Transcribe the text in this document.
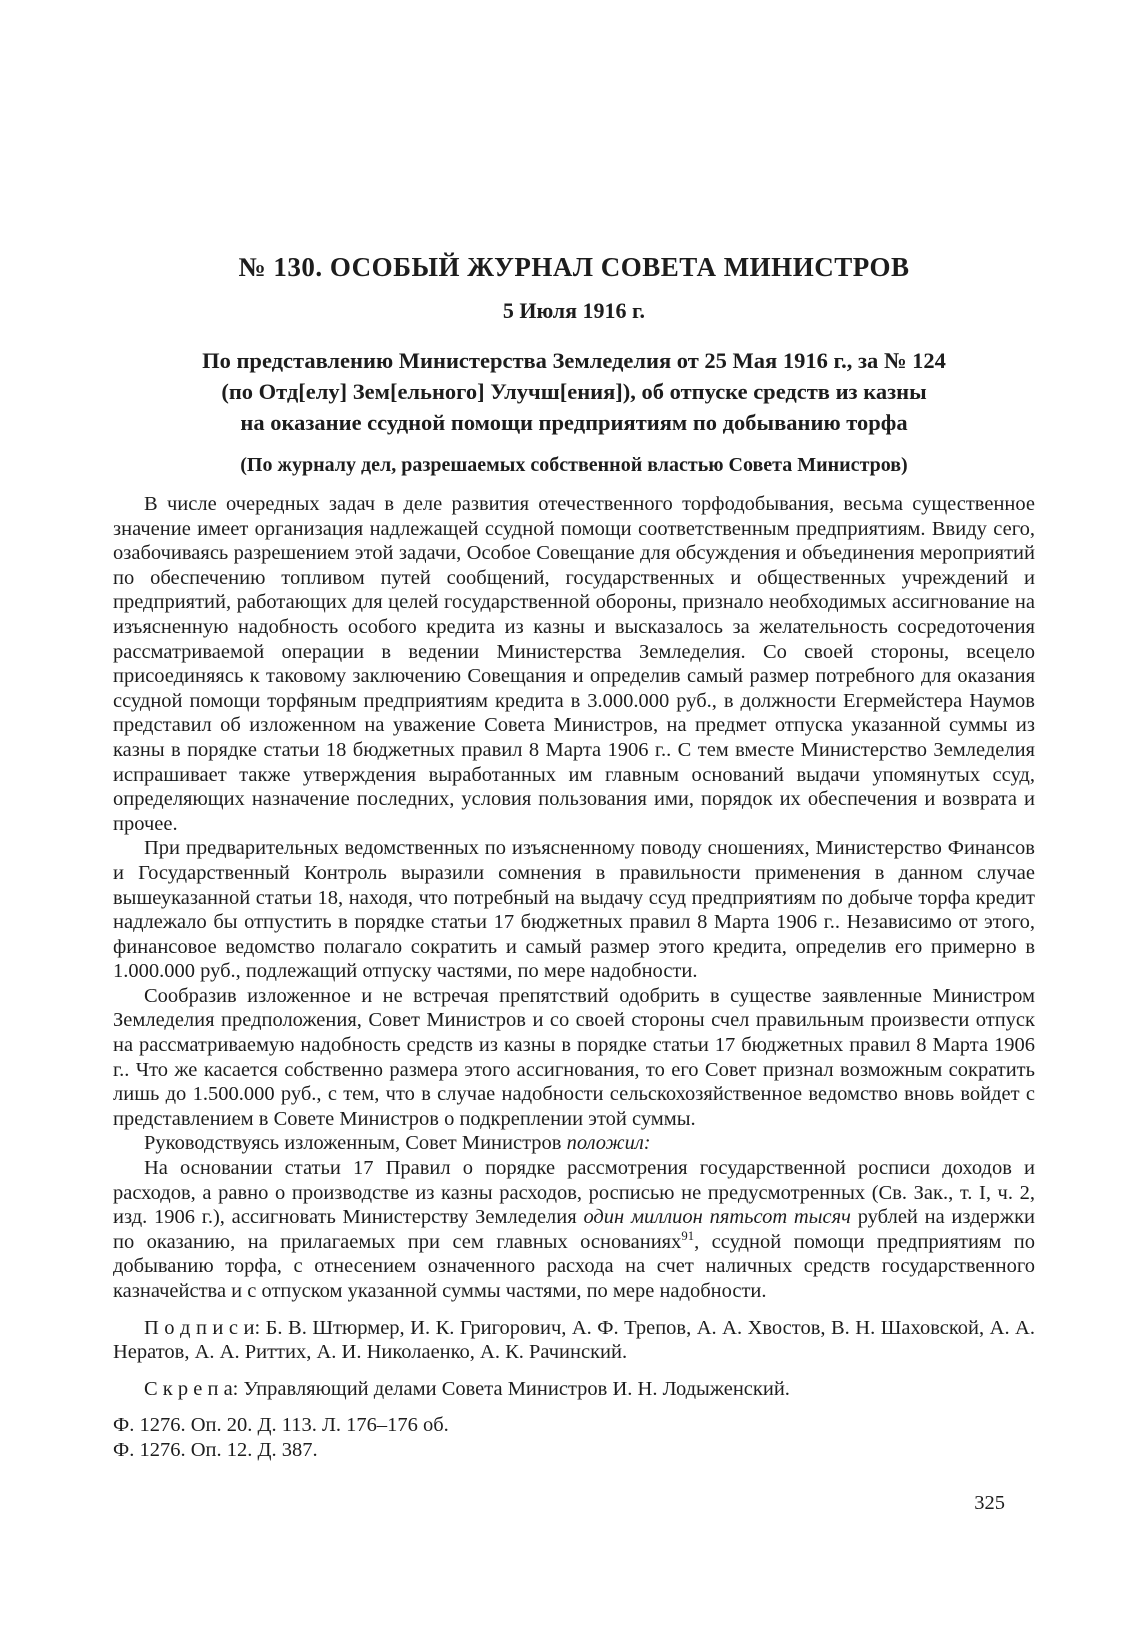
№ 130. ОСОБЫЙ ЖУРНАЛ СОВЕТА МИНИСТРОВ
5 Июля 1916 г.
По представлению Министерства Земледелия от 25 Мая 1916 г., за № 124
(по Отд[елу] Зем[ельного] Улучш[ения]), об отпуске средств из казны
на оказание ссудной помощи предприятиям по добыванию торфа
(По журналу дел, разрешаемых собственной властью Совета Министров)

В числе очередных задач в деле развития отечественного торфодобывания, весьма существенное значение имеет организация надлежащей ссудной помощи соответственным предприятиям. Ввиду сего, озабочиваясь разрешением этой задачи, Особое Совещание для обсуждения и объединения мероприятий по обеспечению топливом путей сообщений, государственных и общественных учреждений и предприятий, работающих для целей государственной обороны, признало необходимых ассигнование на изъясненную надобность особого кредита из казны и высказалось за желательность сосредоточения рассматриваемой операции в ведении Министерства Земледелия. Со своей стороны, всецело присоединяясь к таковому заключению Совещания и определив самый размер потребного для оказания ссудной помощи торфяным предприятиям кредита в 3.000.000 руб., в должности Егермейстера Наумов представил об изложенном на уважение Совета Министров, на предмет отпуска указанной суммы из казны в порядке статьи 18 бюджетных правил 8 Марта 1906 г.. С тем вместе Министерство Земледелия испрашивает также утверждения выработанных им главным оснований выдачи упомянутых ссуд, определяющих назначение последних, условия пользования ими, порядок их обеспечения и возврата и прочее.

При предварительных ведомственных по изъясненному поводу сношениях, Министерство Финансов и Государственный Контроль выразили сомнения в правильности применения в данном случае вышеуказанной статьи 18, находя, что потребный на выдачу ссуд предприятиям по добыче торфа кредит надлежало бы отпустить в порядке статьи 17 бюджетных правил 8 Марта 1906 г.. Независимо от этого, финансовое ведомство полагало сократить и самый размер этого кредита, определив его примерно в 1.000.000 руб., подлежащий отпуску частями, по мере надобности.

Сообразив изложенное и не встречая препятствий одобрить в существе заявленные Министром Земледелия предположения, Совет Министров и со своей стороны счел правильным произвести отпуск на рассматриваемую надобность средств из казны в порядке статьи 17 бюджетных правил 8 Марта 1906 г.. Что же касается собственно размера этого ассигнования, то его Совет признал возможным сократить лишь до 1.500.000 руб., с тем, что в случае надобности сельскохозяйственное ведомство вновь войдет с представлением в Совете Министров о подкреплении этой суммы.

Руководствуясь изложенным, Совет Министров положил:

На основании статьи 17 Правил о порядке рассмотрения государственной росписи доходов и расходов, а равно о производстве из казны расходов, росписью не предусмотренных (Св. Зак., т. I, ч. 2, изд. 1906 г.), ассигновать Министерству Земледелия один миллион пятьсот тысяч рублей на издержки по оказанию, на прилагаемых при сем главных основаниях$^{91}$, ссудной помощи предприятиям по добыванию торфа, с отнесением означенного расхода на счет наличных средств государственного казначейства и с отпуском указанной суммы частями, по мере надобности.

П о д п и с и: Б. В. Штюрмер, И. К. Григорович, А. Ф. Трепов, А. А. Хвостов, В. Н. Шаховской, А. А. Нератов, А. А. Риттих, А. И. Николаенко, А. К. Рачинский.

С к р е п а: Управляющий делами Совета Министров И. Н. Лодыженский.

Ф. 1276. Оп. 20. Д. 113. Л. 176–176 об.

Ф. 1276. Оп. 12. Д. 387.

325
